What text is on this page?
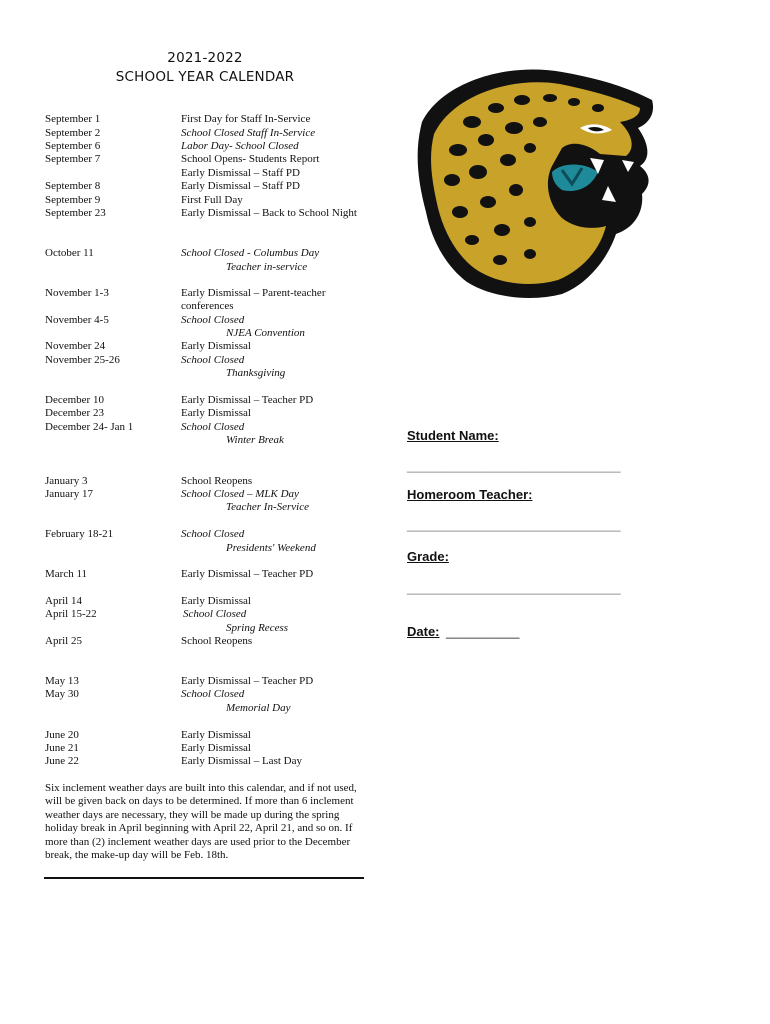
2021-2022
SCHOOL YEAR CALENDAR
September 1
September 2
September 6
September 7
September 8
September 9
September 23
October 11
November 1-3
November 4-5
November 24
November 25-26
December 10
December 23
December 24- Jan 1
January 3
January 17
February 18-21
March 11
April 14
April 15-22
April 25
May 13
May 30
June 20
June 21
June 22
First Day for Staff In-Service
School Closed Staff In-Service
Labor Day- School Closed
School Opens- Students Report
Early Dismissal – Staff PD
Early Dismissal – Staff PD
First Full Day
Early Dismissal – Back to School Night
School Closed - Columbus Day
Teacher in-service
Early Dismissal – Parent-teacher
conferences
School Closed
NJEA Convention
Early Dismissal
School Closed
Thanksgiving
Early Dismissal – Teacher PD
Early Dismissal
School Closed
Winter Break
School Reopens
School Closed – MLK Day
Teacher In-Service
School Closed
Presidents' Weekend
Early Dismissal – Teacher PD
Early Dismissal
School Closed
Spring Recess
School Reopens
Early Dismissal – Teacher PD
School Closed
Memorial Day
Early Dismissal
Early Dismissal
Early Dismissal – Last Day
Six inclement weather days are built into this calendar, and if not used, will be given back on days to be determined. If more than 6 inclement weather days are necessary, they will be made up during the spring holiday break in April beginning with April 22, April 21, and so on. If more than (2) inclement weather days are used prior to the December break, the make-up day will be Feb. 18th.
Student Name:
________________________________
Homeroom Teacher:
________________________________
Grade:
________________________________
Date: ___________
